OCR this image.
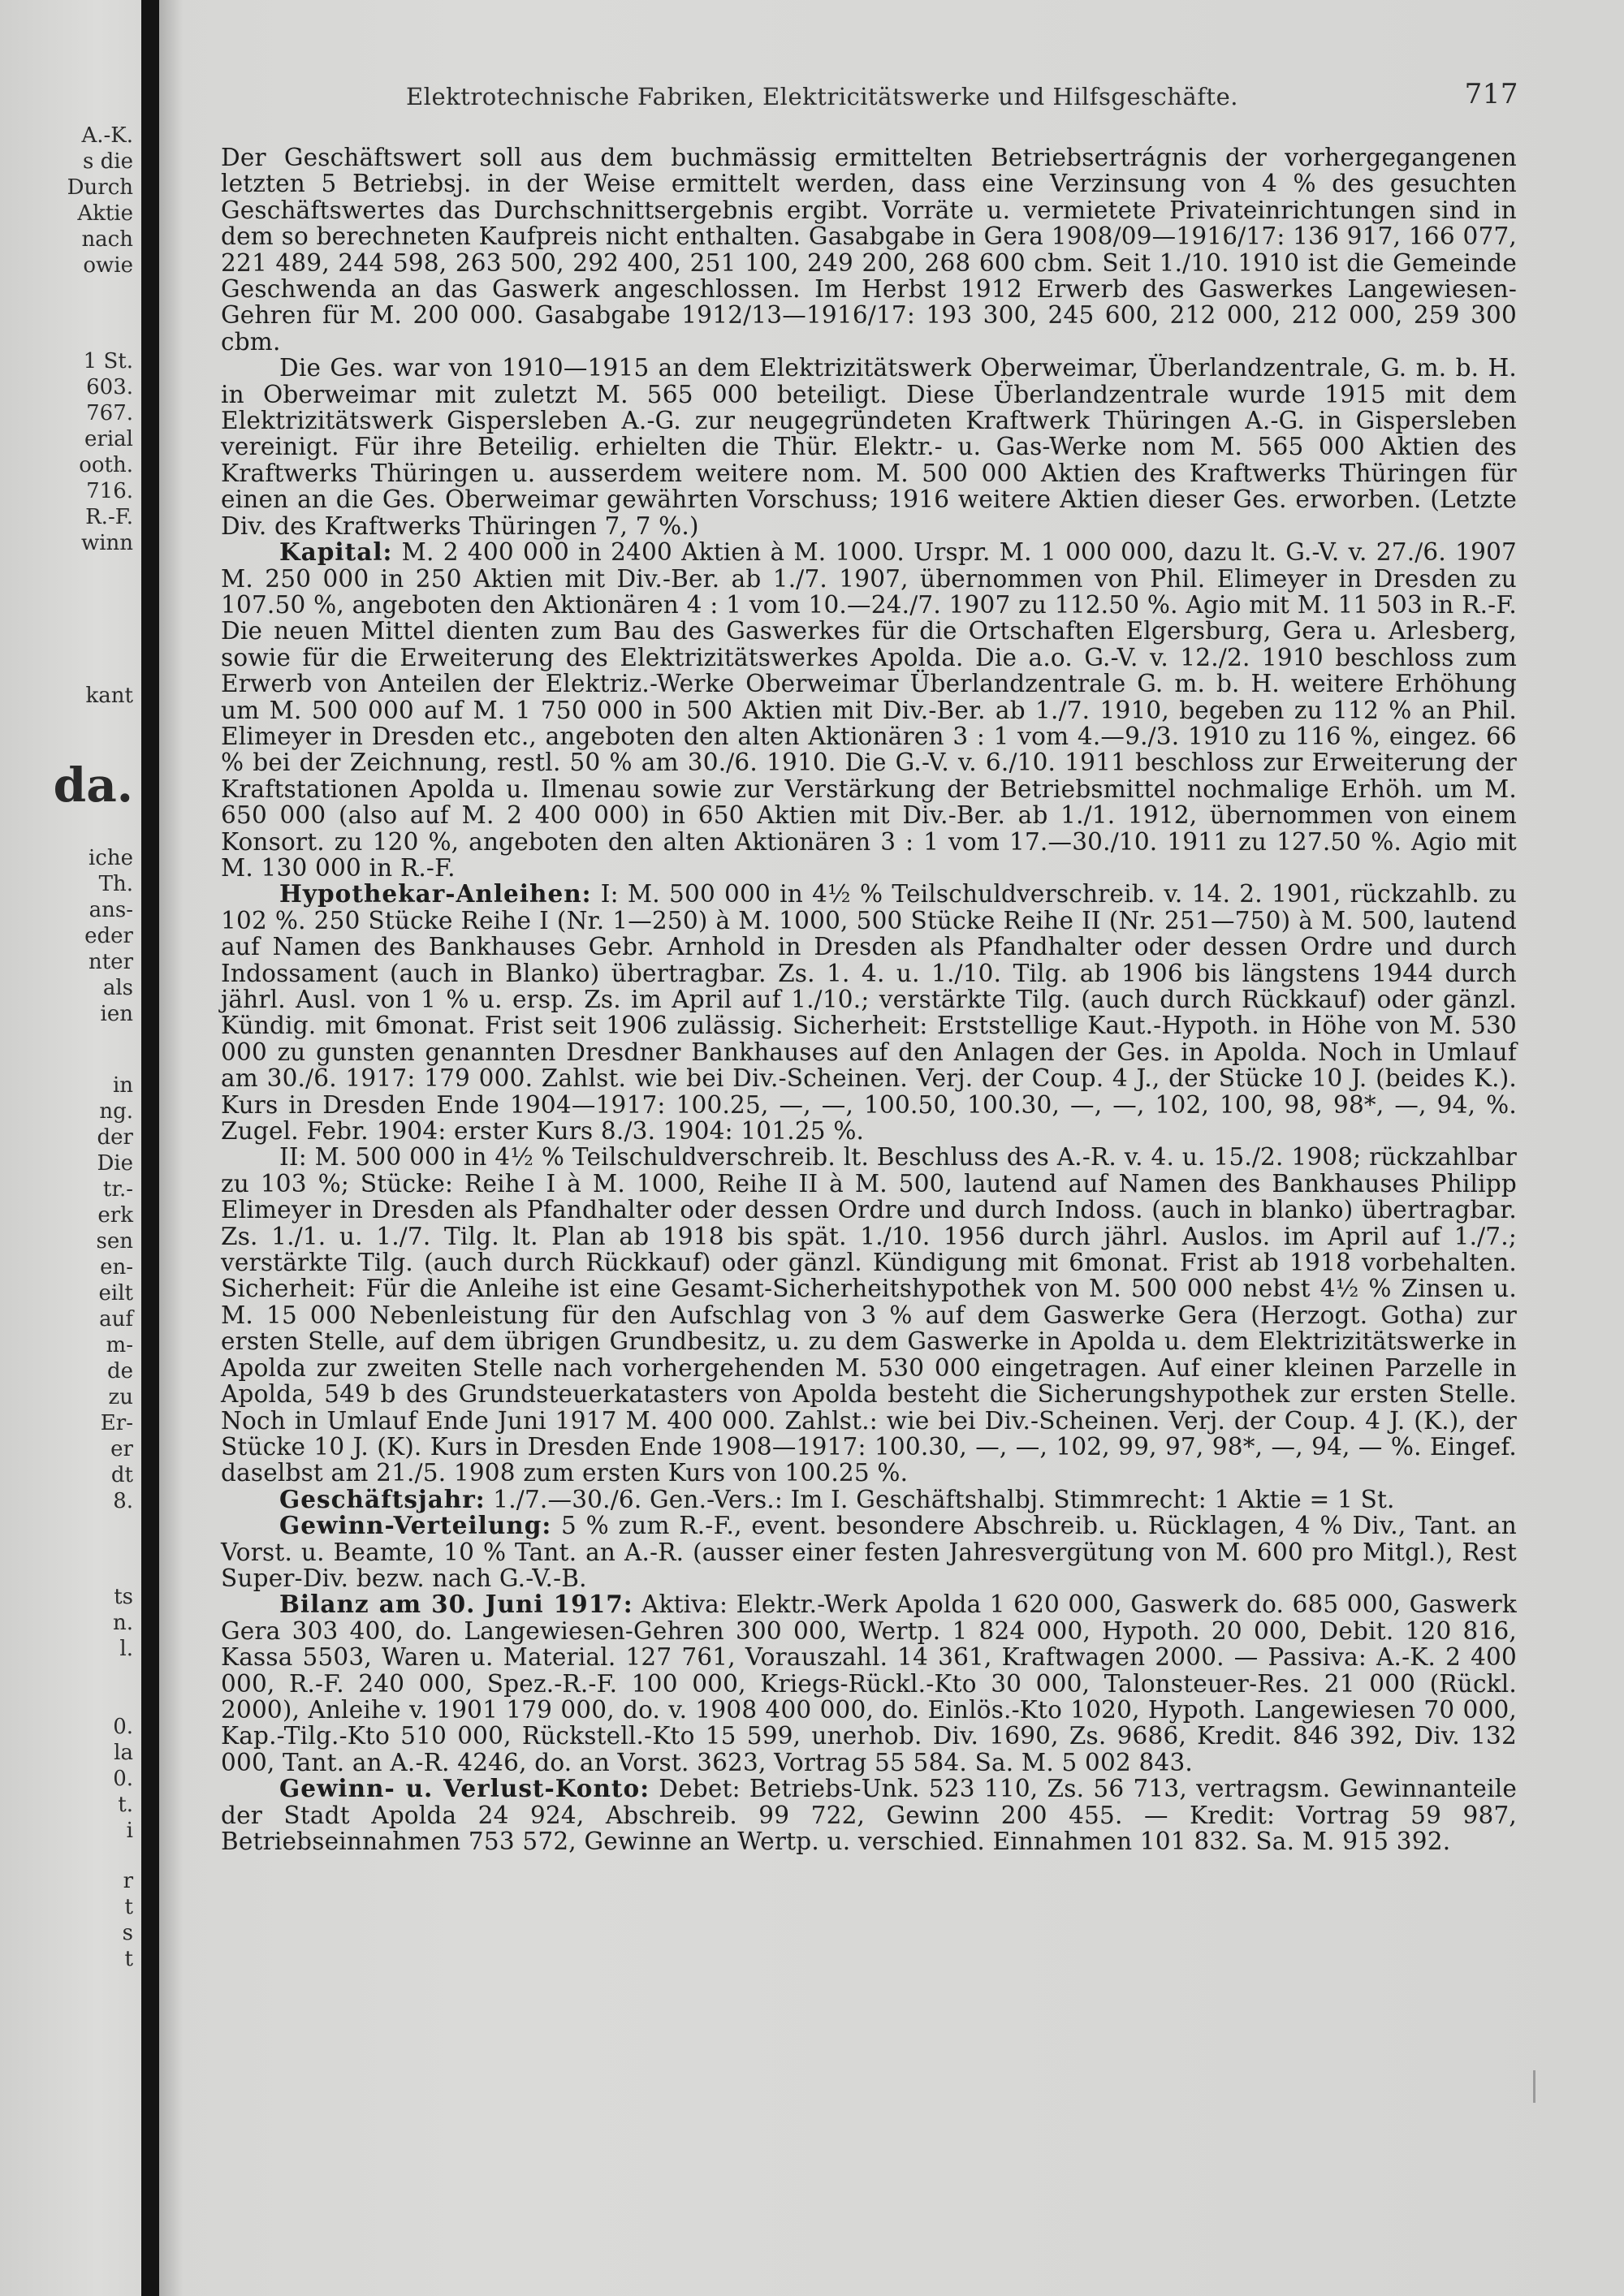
A.-K.
s die
Durch
Aktie
nach
owie
1 St.
603.
767.
erial
ooth.
716.
R.-F.
winn
kant
da.
iche
Th.
ans-
eder
nter
als
ien
in
ng.
der
Die
tr.-
erk
sen
en-
eilt
auf
m-
de
zu
Er-
er
dt
8.
ts
n.
l.
0.
la
0.
t.
i
r
t
s
t
Elektrotechnische Fabriken, Elektricitätswerke und Hilfsgeschäfte.	717

Der Geschäftswert soll aus dem buchmässig ermittelten Betriebsertrágnis der vorhergegangenen letzten 5 Betriebsj. in der Weise ermittelt werden, dass eine Verzinsung von 4 % des gesuchten Geschäftswertes das Durchschnittsergebnis ergibt. Vorräte u. vermietete Privateinrichtungen sind in dem so berechneten Kaufpreis nicht enthalten. Gasabgabe in Gera 1908/09—1916/17: 136 917, 166 077, 221 489, 244 598, 263 500, 292 400, 251 100, 249 200, 268 600 cbm. Seit 1./10. 1910 ist die Gemeinde Geschwenda an das Gaswerk angeschlossen. Im Herbst 1912 Erwerb des Gaswerkes Langewiesen-Gehren für M. 200 000. Gasabgabe 1912/13—1916/17: 193 300, 245 600, 212 000, 212 000, 259 300 cbm.

Die Ges. war von 1910—1915 an dem Elektrizitätswerk Oberweimar, Überlandzentrale, G. m. b. H. in Oberweimar mit zuletzt M. 565 000 beteiligt. Diese Überlandzentrale wurde 1915 mit dem Elektrizitätswerk Gispersleben A.-G. zur neugegründeten Kraftwerk Thüringen A.-G. in Gispersleben vereinigt. Für ihre Beteilig. erhielten die Thür. Elektr.- u. Gas-Werke nom M. 565 000 Aktien des Kraftwerks Thüringen u. ausserdem weitere nom. M. 500 000 Aktien des Kraftwerks Thüringen für einen an die Ges. Oberweimar gewährten Vorschuss; 1916 weitere Aktien dieser Ges. erworben. (Letzte Div. des Kraftwerks Thüringen 7, 7 %.)

Kapital: M. 2 400 000 in 2400 Aktien à M. 1000. Urspr. M. 1 000 000, dazu lt. G.-V. v. 27./6. 1907 M. 250 000 in 250 Aktien mit Div.-Ber. ab 1./7. 1907, übernommen von Phil. Elimeyer in Dresden zu 107.50 %, angeboten den Aktionären 4 : 1 vom 10.—24./7. 1907 zu 112.50 %. Agio mit M. 11 503 in R.-F. Die neuen Mittel dienten zum Bau des Gaswerkes für die Ortschaften Elgersburg, Gera u. Arlesberg, sowie für die Erweiterung des Elektrizitätswerkes Apolda. Die a.o. G.-V. v. 12./2. 1910 beschloss zum Erwerb von Anteilen der Elektriz.-Werke Oberweimar Überlandzentrale G. m. b. H. weitere Erhöhung um M. 500 000 auf M. 1 750 000 in 500 Aktien mit Div.-Ber. ab 1./7. 1910, begeben zu 112 % an Phil. Elimeyer in Dresden etc., angeboten den alten Aktionären 3 : 1 vom 4.—9./3. 1910 zu 116 %, eingez. 66 % bei der Zeichnung, restl. 50 % am 30./6. 1910. Die G.-V. v. 6./10. 1911 beschloss zur Erweiterung der Kraftstationen Apolda u. Ilmenau sowie zur Verstärkung der Betriebsmittel nochmalige Erhöh. um M. 650 000 (also auf M. 2 400 000) in 650 Aktien mit Div.-Ber. ab 1./1. 1912, übernommen von einem Konsort. zu 120 %, angeboten den alten Aktionären 3 : 1 vom 17.—30./10. 1911 zu 127.50 %. Agio mit M. 130 000 in R.-F.

Hypothekar-Anleihen: I: M. 500 000 in 4½ % Teilschuldverschreib. v. 14. 2. 1901, rückzahlb. zu 102 %. 250 Stücke Reihe I (Nr. 1—250) à M. 1000, 500 Stücke Reihe II (Nr. 251—750) à M. 500, lautend auf Namen des Bankhauses Gebr. Arnhold in Dresden als Pfandhalter oder dessen Ordre und durch Indossament (auch in Blanko) übertragbar. Zs. 1. 4. u. 1./10. Tilg. ab 1906 bis längstens 1944 durch jährl. Ausl. von 1 % u. ersp. Zs. im April auf 1./10.; verstärkte Tilg. (auch durch Rückkauf) oder gänzl. Kündig. mit 6monat. Frist seit 1906 zulässig. Sicherheit: Erststellige Kaut.-Hypoth. in Höhe von M. 530 000 zu gunsten genannten Dresdner Bankhauses auf den Anlagen der Ges. in Apolda. Noch in Umlauf am 30./6. 1917: 179 000. Zahlst. wie bei Div.-Scheinen. Verj. der Coup. 4 J., der Stücke 10 J. (beides K.). Kurs in Dresden Ende 1904—1917: 100.25, —, —, 100.50, 100.30, —, —, 102, 100, 98, 98*, —, 94, %. Zugel. Febr. 1904: erster Kurs 8./3. 1904: 101.25 %.

II: M. 500 000 in 4½ % Teilschuldverschreib. lt. Beschluss des A.-R. v. 4. u. 15./2. 1908; rückzahlbar zu 103 %; Stücke: Reihe I à M. 1000, Reihe II à M. 500, lautend auf Namen des Bankhauses Philipp Elimeyer in Dresden als Pfandhalter oder dessen Ordre und durch Indoss. (auch in blanko) übertragbar. Zs. 1./1. u. 1./7. Tilg. lt. Plan ab 1918 bis spät. 1./10. 1956 durch jährl. Auslos. im April auf 1./7.; verstärkte Tilg. (auch durch Rückkauf) oder gänzl. Kündigung mit 6monat. Frist ab 1918 vorbehalten. Sicherheit: Für die Anleihe ist eine Gesamt-Sicherheitshypothek von M. 500 000 nebst 4½ % Zinsen u. M. 15 000 Nebenleistung für den Aufschlag von 3 % auf dem Gaswerke Gera (Herzogt. Gotha) zur ersten Stelle, auf dem übrigen Grundbesitz, u. zu dem Gaswerke in Apolda u. dem Elektrizitätswerke in Apolda zur zweiten Stelle nach vorhergehenden M. 530 000 eingetragen. Auf einer kleinen Parzelle in Apolda, 549 b des Grundsteuerkatasters von Apolda besteht die Sicherungshypothek zur ersten Stelle. Noch in Umlauf Ende Juni 1917 M. 400 000. Zahlst.: wie bei Div.-Scheinen. Verj. der Coup. 4 J. (K.), der Stücke 10 J. (K). Kurs in Dresden Ende 1908—1917: 100.30, —, —, 102, 99, 97, 98*, —, 94, — %. Eingef. daselbst am 21./5. 1908 zum ersten Kurs von 100.25 %.

Geschäftsjahr: 1./7.—30./6. Gen.-Vers.: Im I. Geschäftshalbj. Stimmrecht: 1 Aktie = 1 St.

Gewinn-Verteilung: 5 % zum R.-F., event. besondere Abschreib. u. Rücklagen, 4 % Div., Tant. an Vorst. u. Beamte, 10 % Tant. an A.-R. (ausser einer festen Jahresvergütung von M. 600 pro Mitgl.), Rest Super-Div. bezw. nach G.-V.-B.

Bilanz am 30. Juni 1917: Aktiva: Elektr.-Werk Apolda 1 620 000, Gaswerk do. 685 000, Gaswerk Gera 303 400, do. Langewiesen-Gehren 300 000, Wertp. 1 824 000, Hypoth. 20 000, Debit. 120 816, Kassa 5503, Waren u. Material. 127 761, Vorauszahl. 14 361, Kraftwagen 2000. — Passiva: A.-K. 2 400 000, R.-F. 240 000, Spez.-R.-F. 100 000, Kriegs-Rückl.-Kto 30 000, Talonsteuer-Res. 21 000 (Rückl. 2000), Anleihe v. 1901 179 000, do. v. 1908 400 000, do. Einlös.-Kto 1020, Hypoth. Langewiesen 70 000, Kap.-Tilg.-Kto 510 000, Rückstell.-Kto 15 599, unerhob. Div. 1690, Zs. 9686, Kredit. 846 392, Div. 132 000, Tant. an A.-R. 4246, do. an Vorst. 3623, Vortrag 55 584. Sa. M. 5 002 843.

Gewinn- u. Verlust-Konto: Debet: Betriebs-Unk. 523 110, Zs. 56 713, vertragsm. Gewinnanteile der Stadt Apolda 24 924, Abschreib. 99 722, Gewinn 200 455. — Kredit: Vortrag 59 987, Betriebseinnahmen 753 572, Gewinne an Wertp. u. verschied. Einnahmen 101 832. Sa. M. 915 392.
